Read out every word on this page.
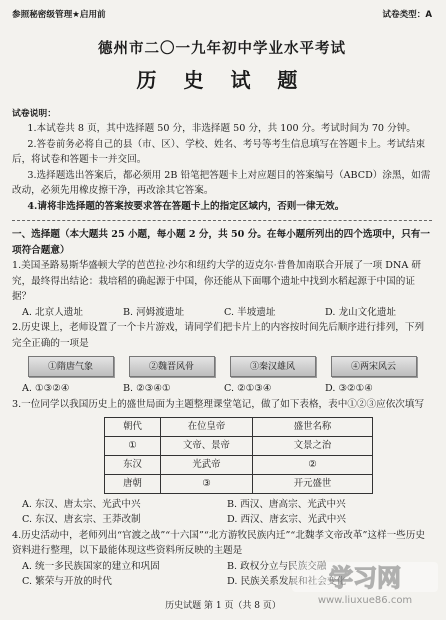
参照秘密级管理★启用前	试卷类型：A
德州市二〇一九年初中学业水平考试
历 史 试 题
试卷说明：

1.本试卷共 8 页，其中选择题 50 分，非选择题 50 分，共 100 分。考试时间为 70 分钟。

2.答卷前务必将自己的县（市、区）、学校、姓名、考号等考生信息填写在答题卡上。考试结束后，将试卷和答题卡一并交回。

3.选择题选出答案后，都必须用 2B 铅笔把答题卡上对应题目的答案编号（ABCD）涂黑，如需改动，必须先用橡皮擦干净，再改涂其它答案。

4.请将非选择题的答案按要求答在答题卡上的指定区域内，否则一律无效。

一、选择题（本大题共 25 小题，每小题 2 分，共 50 分。在每小题所列出的四个选项中，只有一项符合题意）

1.美国圣路易斯华盛顿大学的芭芭拉·沙尔和纽约大学的迈克尔·普鲁加南联合开展了一项 DNA 研究，最终得出结论：栽培稻的确起源于中国，你还能从下面哪个遗址中找到水稻起源于中国的证据？

A. 北京人遗址	B. 河姆渡遗址	C. 半坡遗址	D. 龙山文化遗址

2.历史课上，老师设置了一个卡片游戏，请同学们把卡片上的内容按时间先后顺序进行排列，下列完全正确的一项是

①隋唐气象	②魏晋风骨	③秦汉雄风	④两宋风云
A. ①③②④	B. ②③④①	C. ②①③④	D. ③②①④

3.一位同学以我国历史上的盛世局面为主题整理课堂笔记，做了如下表格，表中①②③应依次填写

朝代	在位皇帝	盛世名称
①	文帝、景帝	文景之治
东汉	光武帝	②
唐朝	③	开元盛世
A. 东汉、唐太宗、光武中兴	B. 西汉、唐高宗、光武中兴
C. 东汉、唐玄宗、王莽改制	D. 西汉、唐玄宗、光武中兴

4.历史活动中，老师列出“官渡之战”“十六国”“北方游牧民族内迁”“北魏孝文帝改革”这样一些历史资料进行整理，以下最能体现这些资料所反映的主题是

A. 统一多民族国家的建立和巩固	B. 政权分立与民族交融
C. 繁荣与开放的时代	D. 民族关系发展和社会变化
历史试题 第 1 页（共 8 页）
学习网
www.liuxue86.com
